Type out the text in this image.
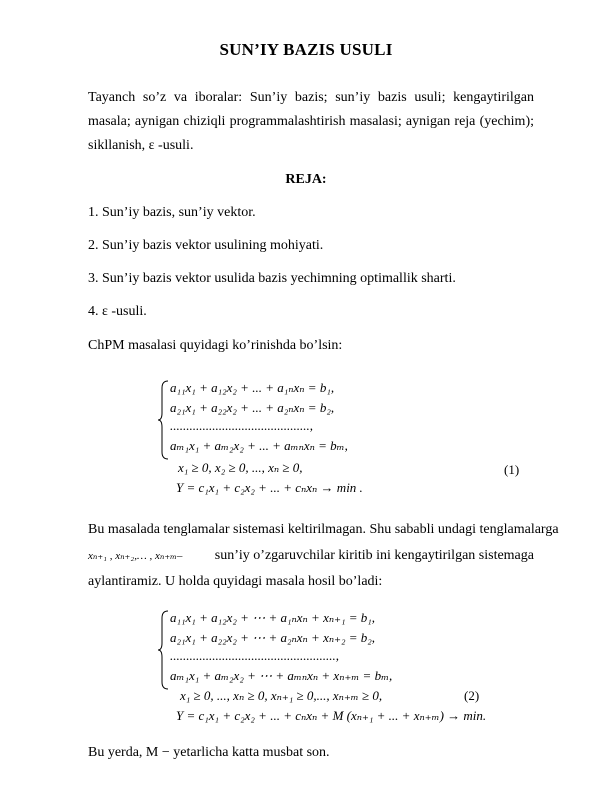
SUN’IY BAZIS USULI

Tayanch so’z va iboralar: Sun’iy bazis; sun’iy bazis usuli; kengaytirilgan masala; aynigan chiziqli programmalashtirish masalasi; aynigan reja (yechim); sikllanish, ε -usuli.

REJA:
1. Sun’iy bazis, sun’iy vektor.
2. Sun’iy bazis vektor usulining mohiyati.
3. Sun’iy bazis vektor usulida bazis yechimning optimallik sharti.
4. ε -usuli.
ChPM masalasi quyidagi ko’rinishda bo’lsin:
a₁₁x₁ + a₁₂x₂ + ... + a₁ₙxₙ = b₁,
a₂₁x₁ + a₂₂x₂ + ... + a₂ₙxₙ = b₂,
...........................................,
aₘ₁x₁ + aₘ₂x₂ + ... + aₘₙxₙ = bₘ,
x₁ ≥ 0, x₂ ≥ 0, ..., xₙ ≥ 0,
Y = c₁x₁ + c₂x₂ + ... + cₙxₙ → min .
(1)
Bu masalada tenglamalar sistemasi keltirilmagan. Shu sababli undagi tenglamalarga
xₙ₊₁ , xₙ₊₂,… , xₙ₊ₘ– sun’iy o’zgaruvchilar kiritib ini kengaytirilgan sistemaga
aylantiramiz. U holda quyidagi masala hosil bo’ladi:
a₁₁x₁ + a₁₂x₂ + ⋯ + a₁ₙxₙ + xₙ₊₁ = b₁,
a₂₁x₁ + a₂₂x₂ + ⋯ + a₂ₙxₙ + xₙ₊₂ = b₂,
...................................................,
aₘ₁x₁ + aₘ₂x₂ + ⋯ + aₘₙxₙ + xₙ₊ₘ = bₘ,
x₁ ≥ 0, ..., xₙ ≥ 0, xₙ₊₁ ≥ 0,..., xₙ₊ₘ ≥ 0,
Y = c₁x₁ + c₂x₂ + ... + cₙxₙ + M (xₙ₊₁ + ... + xₙ₊ₘ) → min.
(2)
Bu yerda, M − yetarlicha katta musbat son.
